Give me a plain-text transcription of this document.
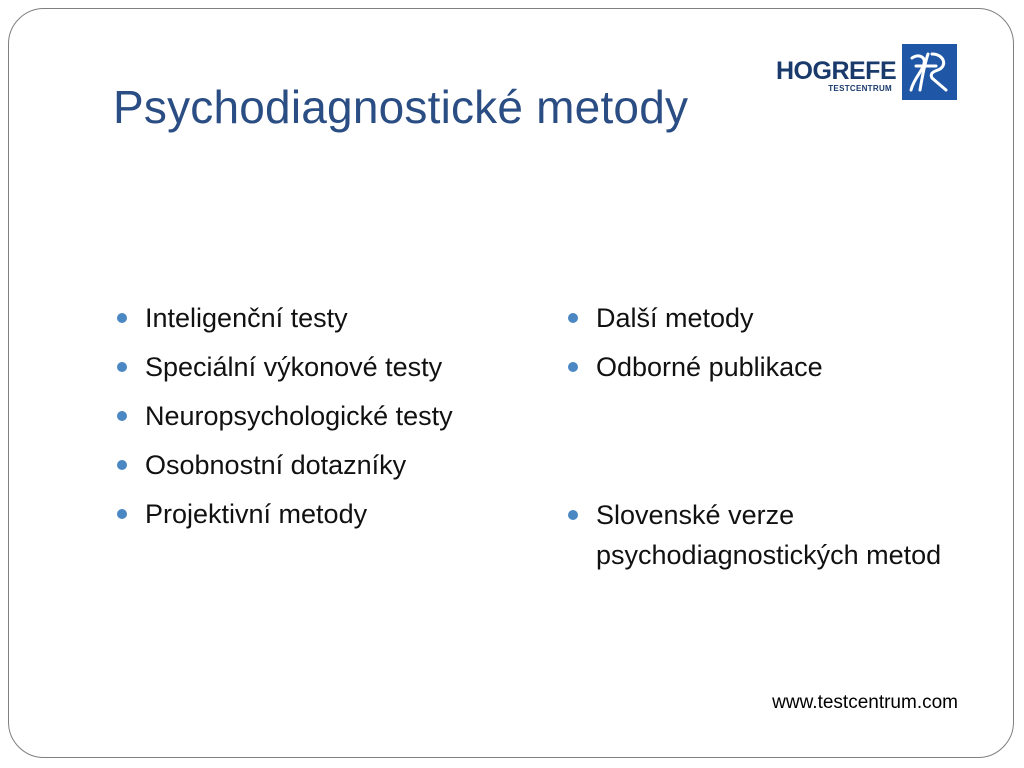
Psychodiagnostické metody
HOGREFE
TESTCENTRUM
Inteligenční testy
Speciální výkonové testy
Neuropsychologické testy
Osobnostní dotazníky
Projektivní metody
Další metody
Odborné publikace
Slovenské verze psychodiagnostických metod
www.testcentrum.com
